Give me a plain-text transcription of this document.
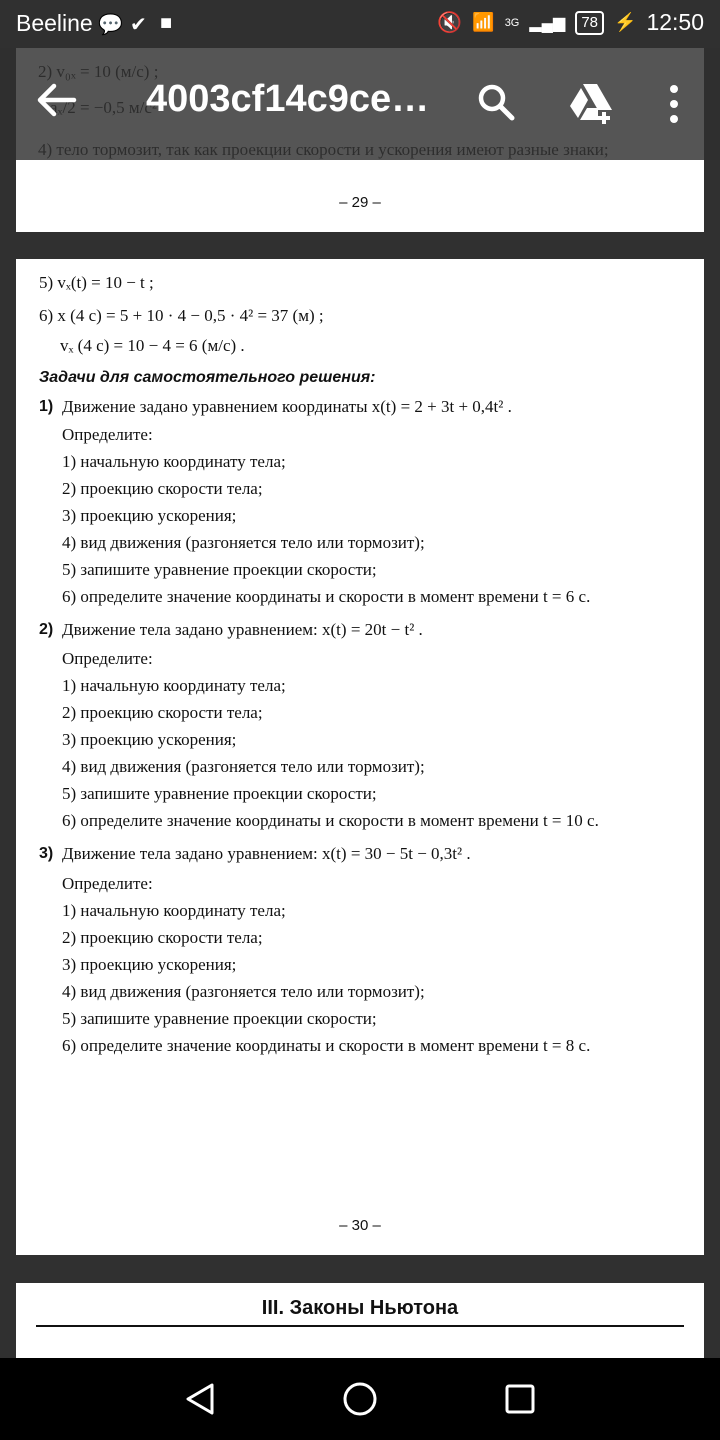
Beeline 💬 ✔ ■	🔇 📶 3G ▂▄▆	78 ⚡ 12:50
– 29 –
4003cf14c9ce…
5) vₓ(t) = 10 − t ;
6) x (4 с) = 5 + 10 · 4 − 0,5 · 4² = 37 (м) ;
vₓ (4 с) = 10 − 4 = 6 (м/с) .
Задачи для самостоятельного решения:
1) Движение задано уравнением координаты x(t) = 2 + 3t + 0,4t² .
Определите:
1) начальную координату тела;
2) проекцию скорости тела;
3) проекцию ускорения;
4) вид движения (разгоняется тело или тормозит);
5) запишите уравнение проекции скорости;
6) определите значение координаты и скорости в момент времени t = 6 с.
2) Движение тела задано уравнением: x(t) = 20t − t² .
Определите:
1) начальную координату тела;
2) проекцию скорости тела;
3) проекцию ускорения;
4) вид движения (разгоняется тело или тормозит);
5) запишите уравнение проекции скорости;
6) определите значение координаты и скорости в момент времени t = 10 с.
3) Движение тела задано уравнением: x(t) = 30 − 5t − 0,3t² .
Определите:
1) начальную координату тела;
2) проекцию скорости тела;
3) проекцию ускорения;
4) вид движения (разгоняется тело или тормозит);
5) запишите уравнение проекции скорости;
6) определите значение координаты и скорости в момент времени t = 8 с.
– 30 –
III. Законы Ньютона
